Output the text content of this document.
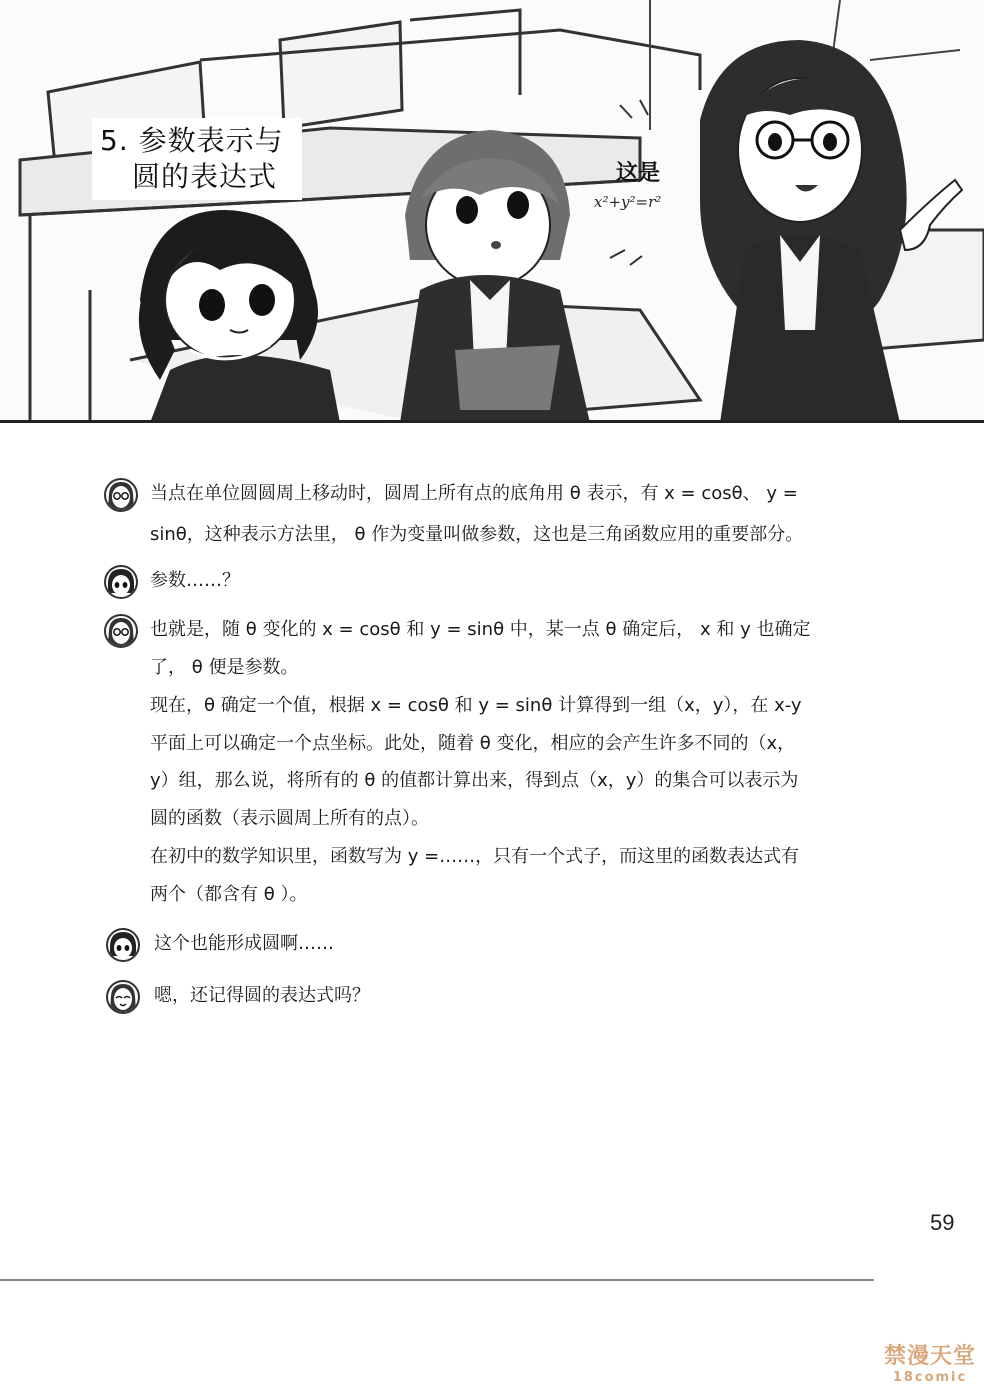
5. 参数表示与
圆的表达式	这是
x²+y²=r²
当点在单位圆圆周上移动时，圆周上所有点的底角用 θ 表示，有 x = cosθ、 y =
sinθ，这种表示方法里， θ 作为变量叫做参数，这也是三角函数应用的重要部分。
参数……？
也就是，随 θ 变化的 x = cosθ 和 y = sinθ 中，某一点 θ 确定后， x 和 y 也确定
了， θ 便是参数。
现在，θ 确定一个值，根据 x = cosθ 和 y = sinθ 计算得到一组（x，y），在 x-y
平面上可以确定一个点坐标。此处，随着 θ 变化，相应的会产生许多不同的（x，
y）组，那么说，将所有的 θ 的值都计算出来，得到点（x，y）的集合可以表示为
圆的函数（表示圆周上所有的点）。
在初中的数学知识里，函数写为 y =……，只有一个式子，而这里的函数表达式有
两个（都含有 θ ）。
这个也能形成圆啊……
嗯，还记得圆的表达式吗？
59
禁漫天堂
18comic
